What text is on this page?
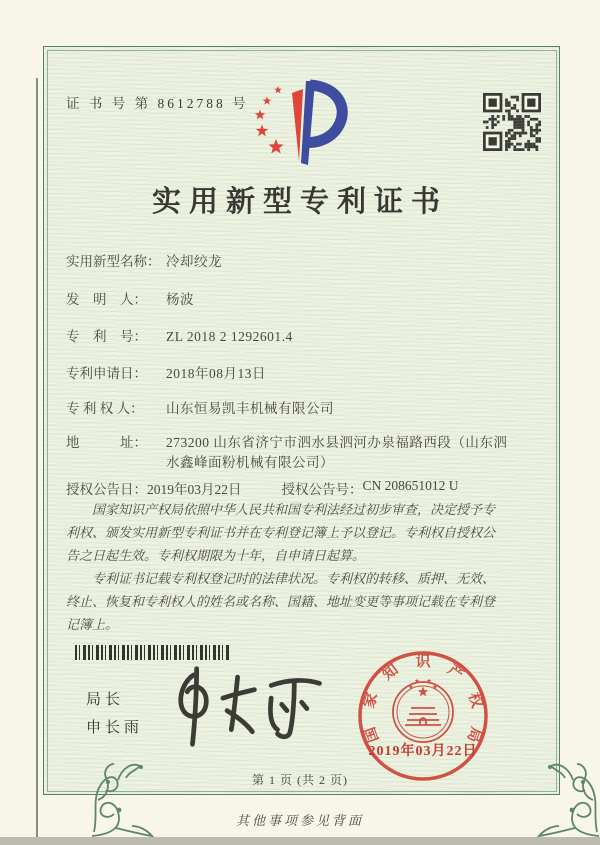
证 书 号 第 8612788 号
实用新型专利证书
实用新型名称： 冷却绞龙
发　明　人：	杨波
专　利　号：	ZL 2018 2 1292601.4
专利申请日：	2018年08月13日
专 利 权 人：	山东恒易凯丰机械有限公司
地　　　址：	273200 山东省济宁市泗水县泗河办泉福路西段（山东泗水鑫峰面粉机械有限公司）
授权公告日： 2019年03月22日	授权公告号： CN 208651012 U

国家知识产权局依照中华人民共和国专利法经过初步审查，决定授予专利权、颁发实用新型专利证书并在专利登记簿上予以登记。专利权自授权公告之日起生效。专利权期限为十年，自申请日起算。

专利证书记载专利权登记时的法律状况。专利权的转移、质押、无效、终止、恢复和专利权人的姓名或名称、国籍、地址变更等事项记载在专利登记簿上。

局长
申长雨	国
家
知 识 产
权
局
2019年03月22日
第 1 页 (共 2 页)
其他事项参见背面
